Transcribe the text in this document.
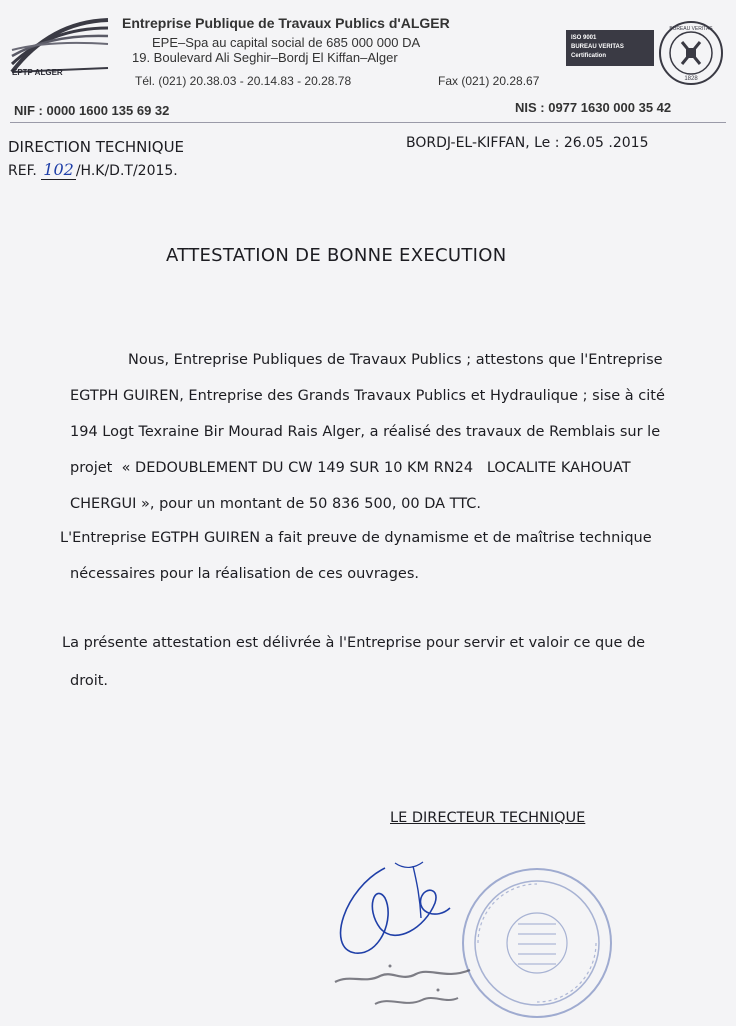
EPTP ALGER
Entreprise Publique de Travaux Publics d'ALGER
EPE–Spa au capital social de 685 000 000 DA
19. Boulevard Ali Seghir–Bordj El Kiffan–Alger
Tél. (021) 20.38.03 - 20.14.83 - 20.28.78	Fax (021) 20.28.67
ISO 9001
BUREAU VERITAS
Certification
1828
BUREAU VERITAS
NIF : 0000 1600 135 69 32	NIS : 0977 1630 000 35 42
DIRECTION TECHNIQUE
REF. 102 /H.K/D.T/2015.
BORDJ-EL-KIFFAN, Le : 26.05 .2015
ATTESTATION DE BONNE EXECUTION
Nous, Entreprise Publiques de Travaux Publics ; attestons que l'Entreprise
EGTPH GUIREN, Entreprise des Grands Travaux Publics et Hydraulique ; sise à cité
194 Logt Texraine Bir Mourad Rais Alger, a réalisé des travaux de Remblais sur le
projet  « DEDOUBLEMENT DU CW 149 SUR 10 KM RN24   LOCALITE KAHOUAT
CHERGUI », pour un montant de 50 836 500, 00 DA TTC.
L'Entreprise EGTPH GUIREN a fait preuve de dynamisme et de maîtrise technique
nécessaires pour la réalisation de ces ouvrages.
La présente attestation est délivrée à l'Entreprise pour servir et valoir ce que de
droit.
LE DIRECTEUR TECHNIQUE
